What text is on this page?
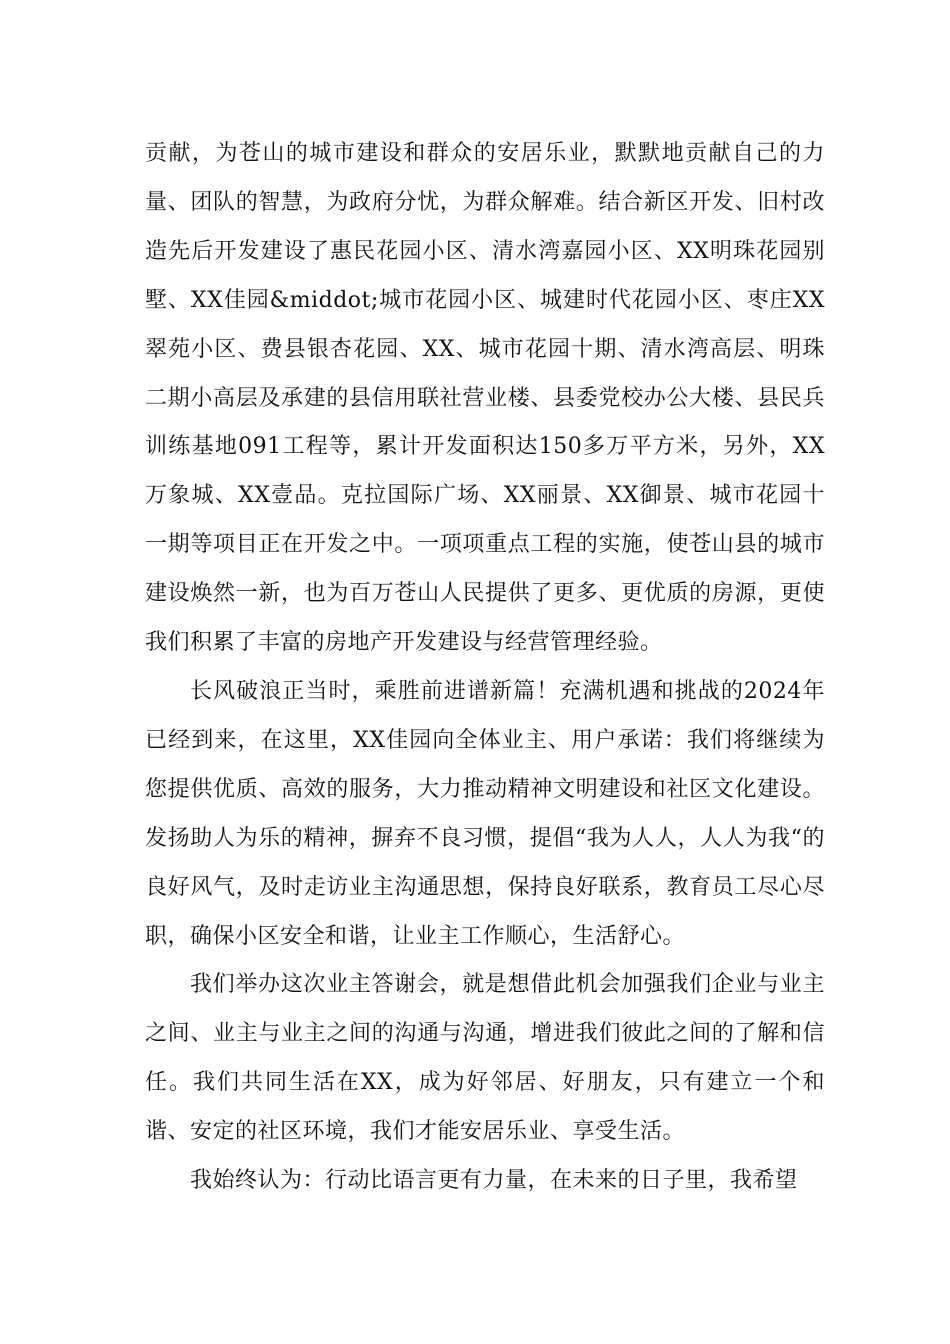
贡献，为苍山的城市建设和群众的安居乐业，默默地贡献自己的力量、团队的智慧，为政府分忧，为群众解难。结合新区开发、旧村改造先后开发建设了惠民花园小区、清水湾嘉园小区、XX明珠花园别墅、XX佳园&middot;城市花园小区、城建时代花园小区、枣庄XX翠苑小区、费县银杏花园、XX、城市花园十期、清水湾高层、明珠二期小高层及承建的县信用联社营业楼、县委党校办公大楼、县民兵训练基地091工程等，累计开发面积达150多万平方米，另外，XX万象城、XX壹品。克拉国际广场、XX丽景、XX御景、城市花园十一期等项目正在开发之中。一项项重点工程的实施，使苍山县的城市建设焕然一新，也为百万苍山人民提供了更多、更优质的房源，更使我们积累了丰富的房地产开发建设与经营管理经验。

长风破浪正当时，乘胜前进谱新篇！充满机遇和挑战的2024年已经到来，在这里，XX佳园向全体业主、用户承诺：我们将继续为您提供优质、高效的服务，大力推动精神文明建设和社区文化建设。发扬助人为乐的精神，摒弃不良习惯，提倡“我为人人，人人为我“的良好风气，及时走访业主沟通思想，保持良好联系，教育员工尽心尽职，确保小区安全和谐，让业主工作顺心，生活舒心。

我们举办这次业主答谢会，就是想借此机会加强我们企业与业主之间、业主与业主之间的沟通与沟通，增进我们彼此之间的了解和信任。我们共同生活在XX，成为好邻居、好朋友，只有建立一个和谐、安定的社区环境，我们才能安居乐业、享受生活。

我始终认为：行动比语言更有力量，在未来的日子里，我希望
